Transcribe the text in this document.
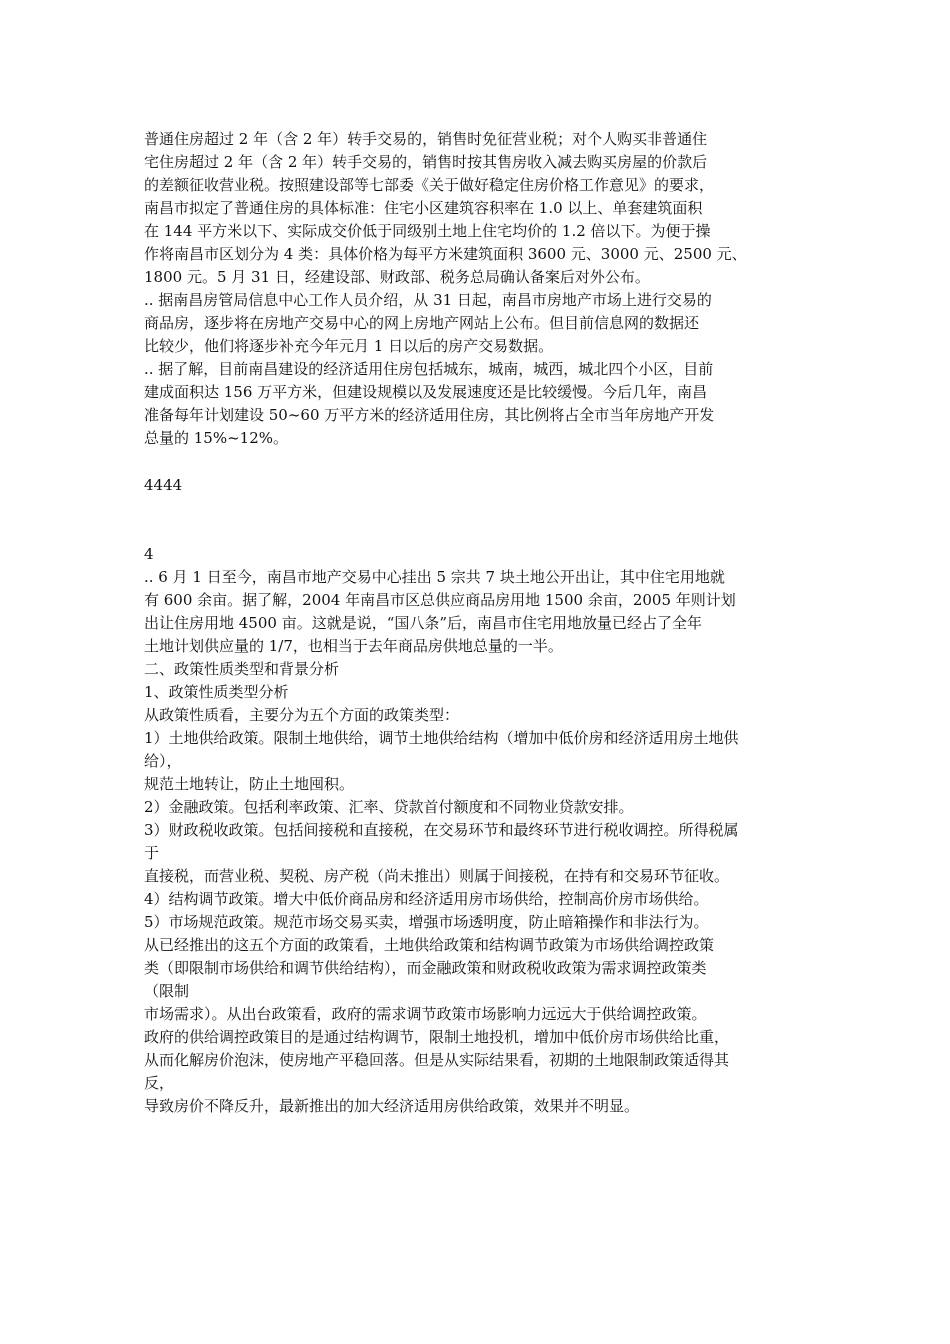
普通住房超过 2 年（含 2 年）转手交易的，销售时免征营业税；对个人购买非普通住
宅住房超过 2 年（含 2 年）转手交易的，销售时按其售房收入减去购买房屋的价款后
的差额征收营业税。按照建设部等七部委《关于做好稳定住房价格工作意见》的要求，
南昌市拟定了普通住房的具体标准：住宅小区建筑容积率在 1.0 以上、单套建筑面积
在 144 平方米以下、实际成交价低于同级别土地上住宅均价的 1.2 倍以下。为便于操
作将南昌市区划分为 4 类：具体价格为每平方米建筑面积 3600 元、3000 元、2500 元、
1800 元。5 月 31 日，经建设部、财政部、税务总局确认备案后对外公布。
.. 据南昌房管局信息中心工作人员介绍，从 31 日起，南昌市房地产市场上进行交易的
商品房，逐步将在房地产交易中心的网上房地产网站上公布。但目前信息网的数据还
比较少，他们将逐步补充今年元月 1 日以后的房产交易数据。
.. 据了解，目前南昌建设的经济适用住房包括城东，城南，城西，城北四个小区，目前
建成面积达 156 万平方米，但建设规模以及发展速度还是比较缓慢。今后几年，南昌
准备每年计划建设 50~60 万平方米的经济适用住房，其比例将占全市当年房地产开发
总量的 15%~12%。
4444
4
.. 6 月 1 日至今，南昌市地产交易中心挂出 5 宗共 7 块土地公开出让，其中住宅用地就
有 600 余亩。据了解，2004 年南昌市区总供应商品房用地 1500 余亩，2005 年则计划
出让住房用地 4500 亩。这就是说，“国八条”后，南昌市住宅用地放量已经占了全年
土地计划供应量的 1/7，也相当于去年商品房供地总量的一半。
二、政策性质类型和背景分析
1、政策性质类型分析
从政策性质看，主要分为五个方面的政策类型：
1）土地供给政策。限制土地供给，调节土地供给结构（增加中低价房和经济适用房土地供
给），
规范土地转让，防止土地囤积。
2）金融政策。包括利率政策、汇率、贷款首付额度和不同物业贷款安排。
3）财政税收政策。包括间接税和直接税，在交易环节和最终环节进行税收调控。所得税属
于
直接税，而营业税、契税、房产税（尚未推出）则属于间接税，在持有和交易环节征收。
4）结构调节政策。增大中低价商品房和经济适用房市场供给，控制高价房市场供给。
5）市场规范政策。规范市场交易买卖，增强市场透明度，防止暗箱操作和非法行为。
从已经推出的这五个方面的政策看，土地供给政策和结构调节政策为市场供给调控政策
类（即限制市场供给和调节供给结构），而金融政策和财政税收政策为需求调控政策类
（限制
市场需求）。从出台政策看，政府的需求调节政策市场影响力远远大于供给调控政策。
政府的供给调控政策目的是通过结构调节，限制土地投机，增加中低价房市场供给比重，
从而化解房价泡沫，使房地产平稳回落。但是从实际结果看，初期的土地限制政策适得其
反，
导致房价不降反升，最新推出的加大经济适用房供给政策，效果并不明显。
